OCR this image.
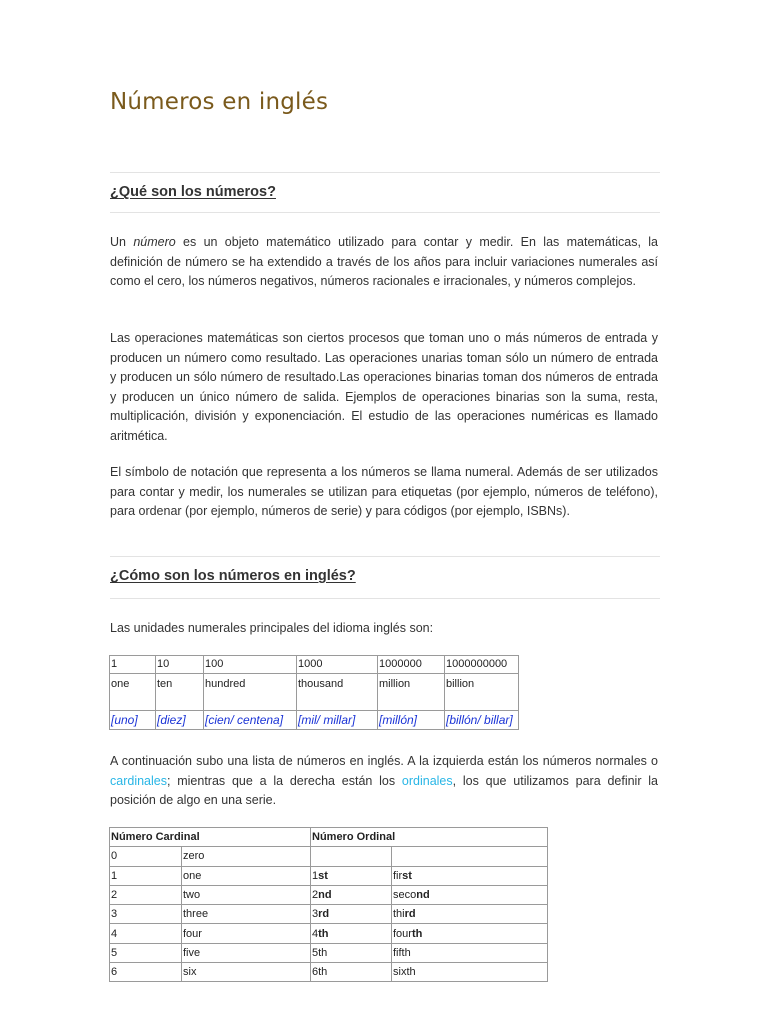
Números en inglés
¿Qué son los números?

Un número es un objeto matemático utilizado para contar y medir. En las matemáticas, la definición de número se ha extendido a través de los años para incluir variaciones numerales así como el cero, los números negativos, números racionales e irracionales, y números complejos.

Las operaciones matemáticas son ciertos procesos que toman uno o más números de entrada y producen un número como resultado. Las operaciones unarias toman sólo un número de entrada y producen un sólo número de resultado.Las operaciones binarias toman dos números de entrada y producen un único número de salida. Ejemplos de operaciones binarias son la suma, resta, multiplicación, división y exponenciación. El estudio de las operaciones numéricas es llamado aritmética.

El símbolo de notación que representa a los números se llama numeral. Además de ser utilizados para contar y medir, los numerales se utilizan para etiquetas (por ejemplo, números de teléfono), para ordenar (por ejemplo, números de serie) y para códigos (por ejemplo, ISBNs).

¿Cómo son los números en inglés?

Las unidades numerales principales del idioma inglés son:

1	10	100	1000	1000000	1000000000
one	ten	hundred	thousand	million	billion
[uno]	[diez]	[cien/ centena]	[mil/ millar]	[millón]	[billón/ billar]

A continuación subo una lista de números en inglés. A la izquierda están los números normales o cardinales; mientras que a la derecha están los ordinales, los que utilizamos para definir la posición de algo en una serie.

Número Cardinal		Número Ordinal	
0	zero		
1	one	1st	first
2	two	2nd	second
3	three	3rd	third
4	four	4th	fourth
5	five	5th	fifth
6	six	6th	sixth
